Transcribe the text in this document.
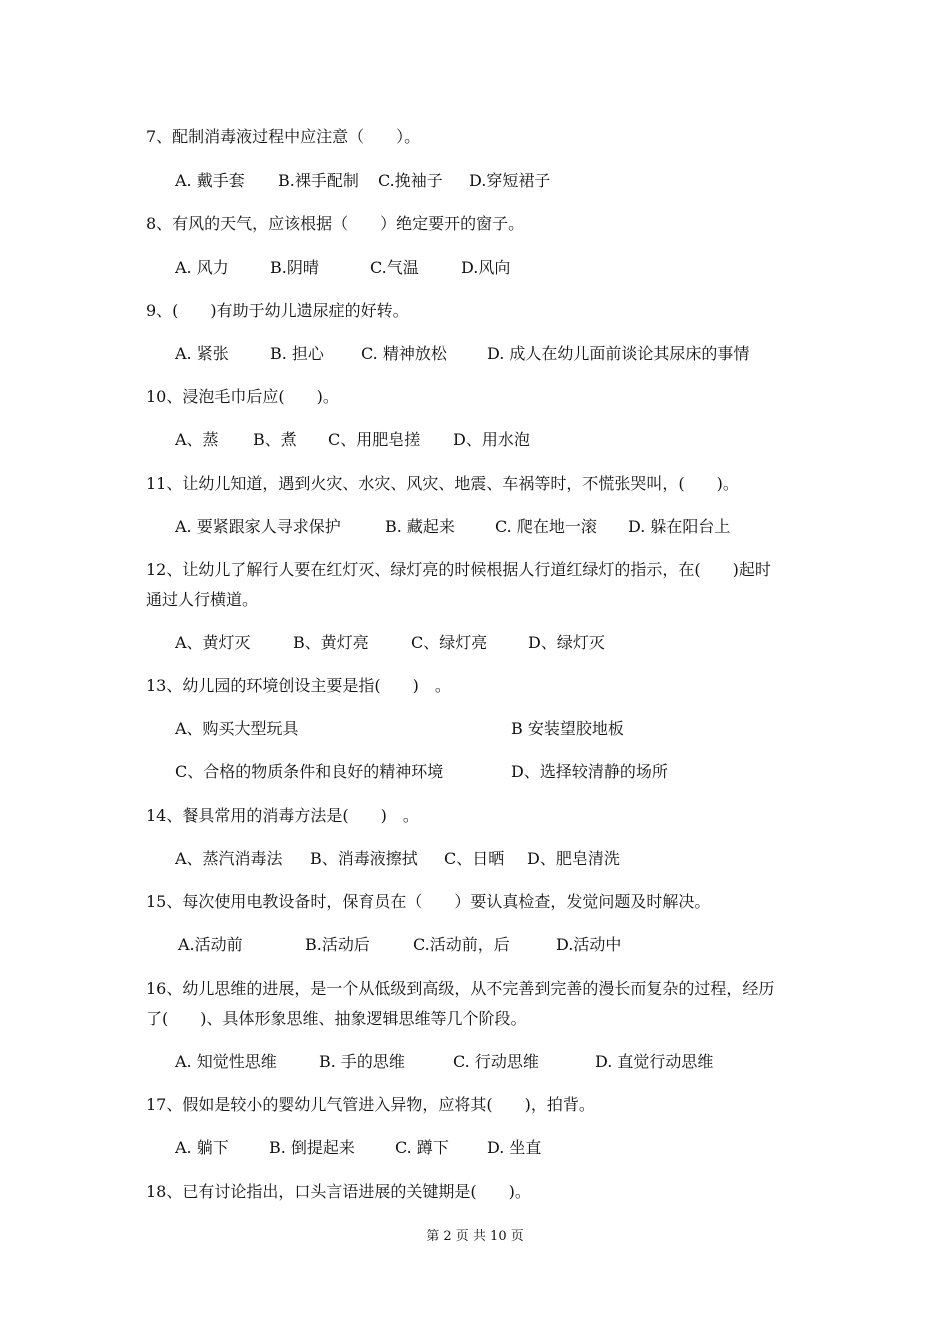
7、配制消毒液过程中应注意（　　）。
A. 戴手套 B.裸手配制 C.挽袖子 D.穿短裙子
8、有风的天气，应该根据（　　）绝定要开的窗子。
A. 风力	B.阴晴	C.气温	D.风向
9、(　　)有助于幼儿遗尿症的好转。
A. 紧张	B. 担心 C. 精神放松	D. 成人在幼儿面前谈论其尿床的事情
10、浸泡毛巾后应(　　)。
A、蒸 B、煮 C、用肥皂搓 D、用水泡
11、让幼儿知道，遇到火灾、水灾、风灾、地震、车祸等时，不慌张哭叫，(　　)。
A. 要紧跟家人寻求保护	B. 藏起来	C. 爬在地一滚 D. 躲在阳台上
12、让幼儿了解行人要在红灯灭、绿灯亮的时候根据人行道红绿灯的指示，在(　　)起时
通过人行横道。
A、黄灯灭	B、黄灯亮	C、绿灯亮	D、绿灯灭
13、幼儿园的环境创设主要是指(　　)　。
A、购买大型玩具	B 安装望胶地板
C、合格的物质条件和良好的精神环境	D、选择较清静的场所
14、餐具常用的消毒方法是(　　)　。
A、蒸汽消毒法 B、消毒液擦拭 C、日晒 D、肥皂清洗
15、每次使用电教设备时，保育员在（　　）要认真检查，发觉问题及时解决。
A.活动前	B.活动后	C.活动前，后	D.活动中
16、幼儿思维的进展，是一个从低级到高级，从不完善到完善的漫长而复杂的过程，经历
了(　　)、具体形象思维、抽象逻辑思维等几个阶段。
A. 知觉性思维	B. 手的思维	C. 行动思维	D. 直觉行动思维
17、假如是较小的婴幼儿气管进入异物，应将其(　　)，拍背。
A. 躺下	B. 倒提起来	C. 蹲下 D. 坐直
18、已有讨论指出，口头言语进展的关键期是(　　)。
第 2 页 共 10 页
